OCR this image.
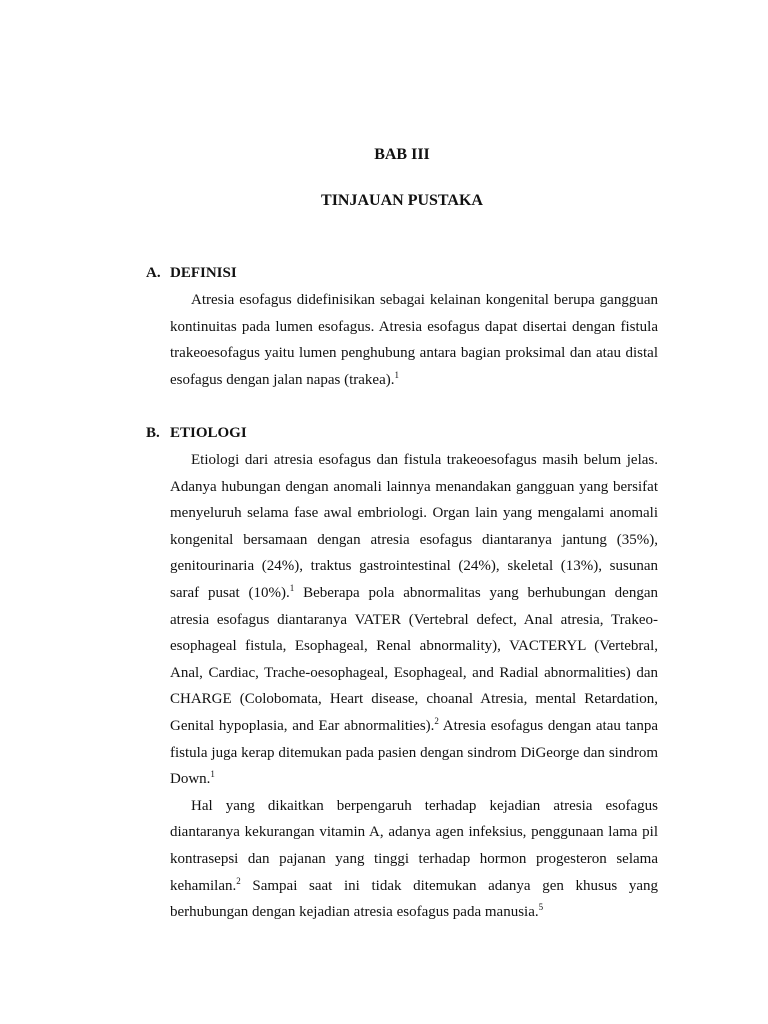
BAB III
TINJAUAN PUSTAKA
A. DEFINISI

Atresia esofagus didefinisikan sebagai kelainan kongenital berupa gangguan kontinuitas pada lumen esofagus. Atresia esofagus dapat disertai dengan fistula trakeoesofagus yaitu lumen penghubung antara bagian proksimal dan atau distal esofagus dengan jalan napas (trakea).$^1$

B. ETIOLOGI

Etiologi dari atresia esofagus dan fistula trakeoesofagus masih belum jelas. Adanya hubungan dengan anomali lainnya menandakan gangguan yang bersifat menyeluruh selama fase awal embriologi. Organ lain yang mengalami anomali kongenital bersamaan dengan atresia esofagus diantaranya jantung (35%), genitourinaria (24%), traktus gastrointestinal (24%), skeletal (13%), susunan saraf pusat (10%).$^1$ Beberapa pola abnormalitas yang berhubungan dengan atresia esofagus diantaranya VATER (Vertebral defect, Anal atresia, Trakeo-esophageal fistula, Esophageal, Renal abnormality), VACTERYL (Vertebral, Anal, Cardiac, Trache-oesophageal, Esophageal, and Radial abnormalities) dan CHARGE (Colobomata, Heart disease, choanal Atresia, mental Retardation, Genital hypoplasia, and Ear abnormalities).$^2$ Atresia esofagus dengan atau tanpa fistula juga kerap ditemukan pada pasien dengan sindrom DiGeorge dan sindrom Down.$^1$

Hal yang dikaitkan berpengaruh terhadap kejadian atresia esofagus diantaranya kekurangan vitamin A, adanya agen infeksius, penggunaan lama pil kontrasepsi dan pajanan yang tinggi terhadap hormon progesteron selama kehamilan.$^2$ Sampai saat ini tidak ditemukan adanya gen khusus yang berhubungan dengan kejadian atresia esofagus pada manusia.$^5$
